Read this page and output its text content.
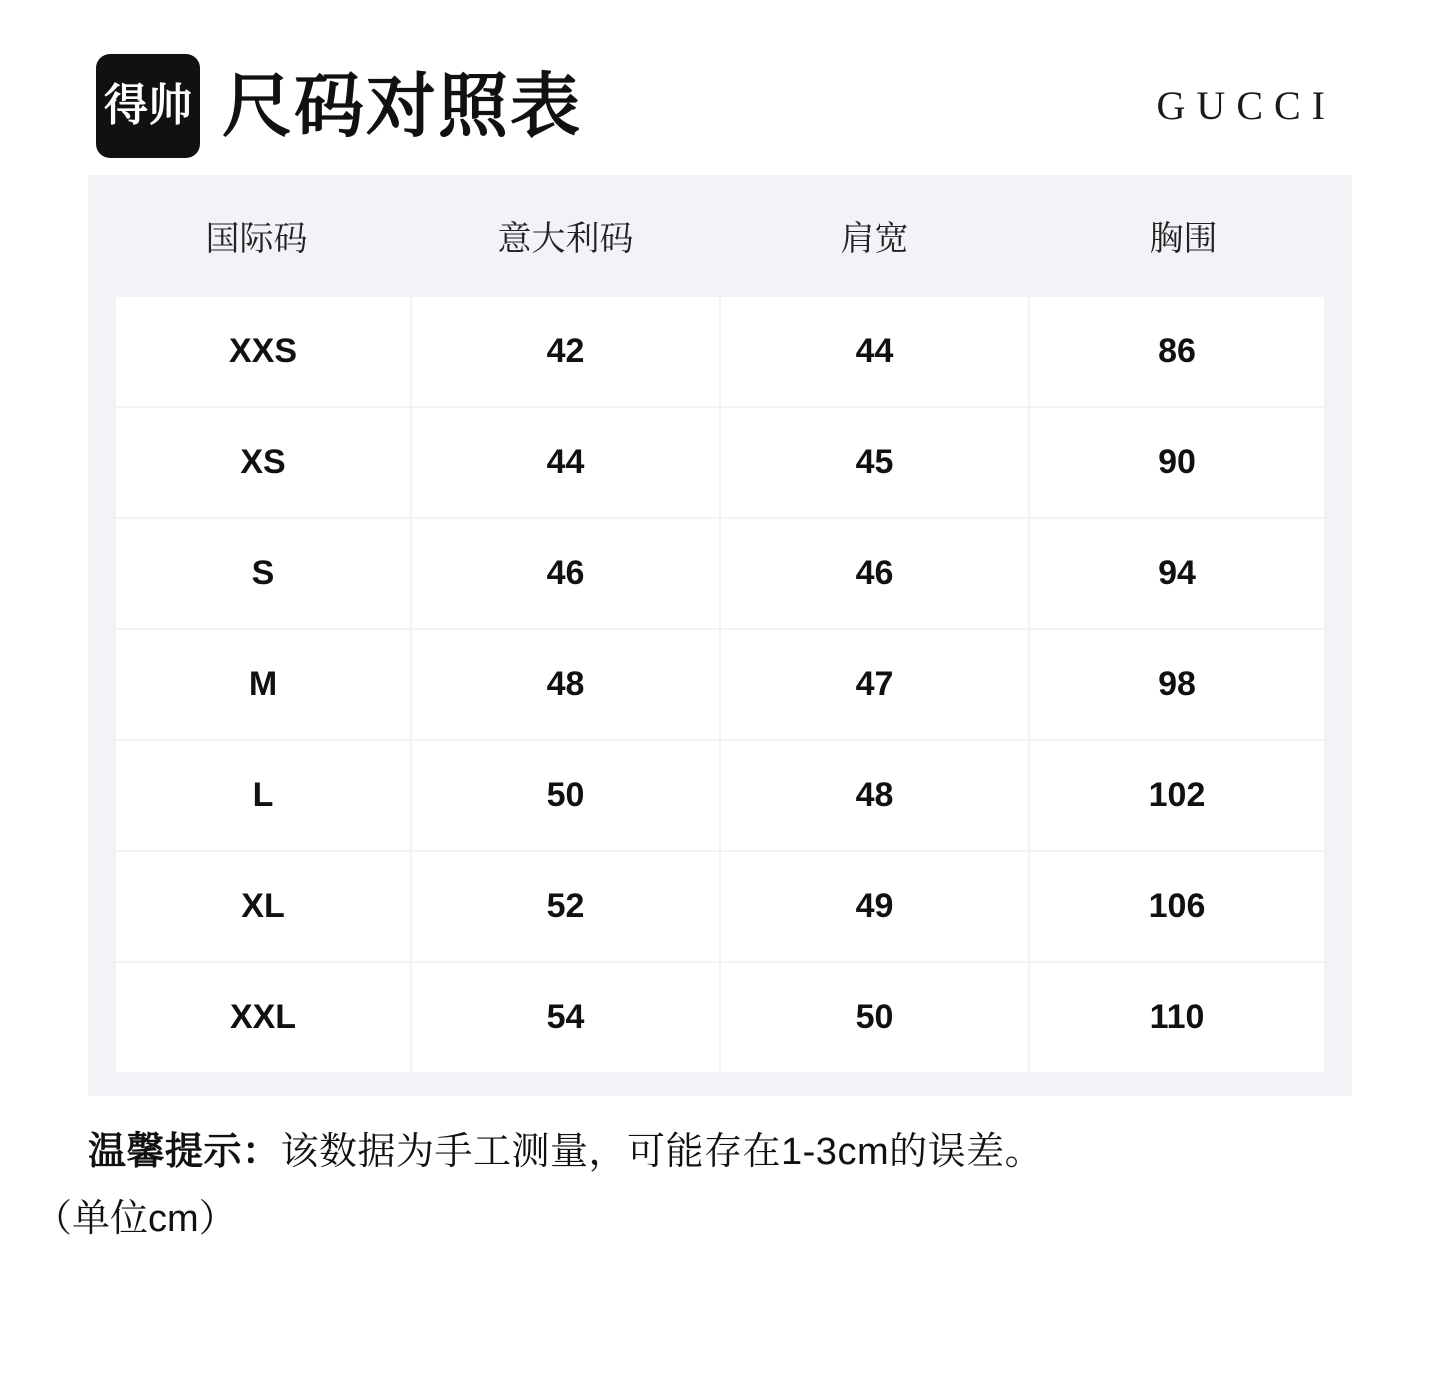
得帅 尺码对照表	GUCCI
国际码	意大利码	肩宽	胸围
XXS	42	44	86
XS	44	45	90
S	46	46	94
M	48	47	98
L	50	48	102
XL	52	49	106
XXL	54	50	110
温馨提示：该数据为手工测量，可能存在1-3cm的误差。
（单位cm）
